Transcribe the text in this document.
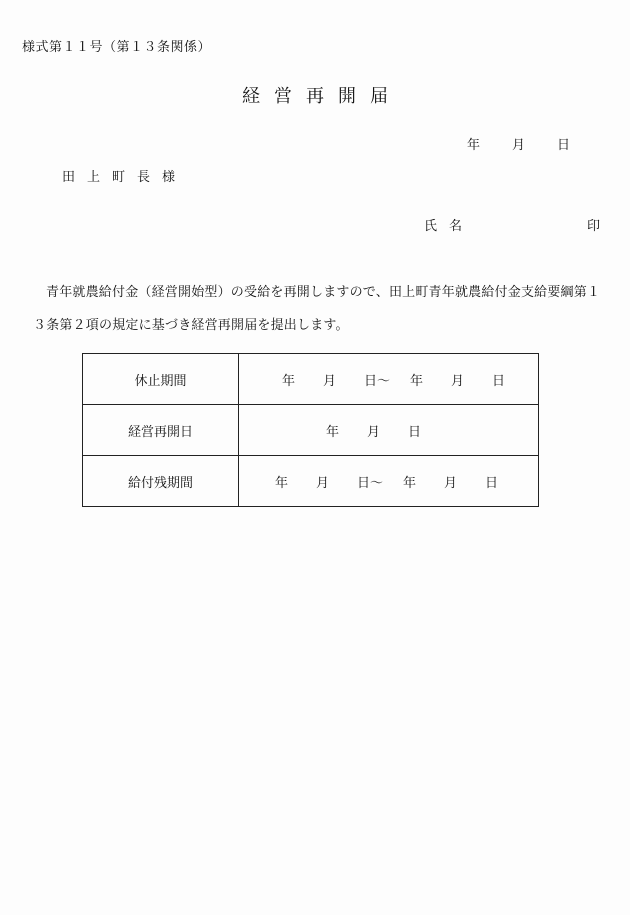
様式第１１号（第１３条関係）
経営再開届
年 月 日
田上町長様
氏名	印
青年就農給付金（経営開始型）の受給を再開しますので、田上町青年就農給付金支給要綱第１３条第２項の規定に基づき経営再開届を提出します。
休止期間	年 月 日～ 年 月 日

経営再開日	年 月 日

給付残期間	年 月 日～ 年 月 日
